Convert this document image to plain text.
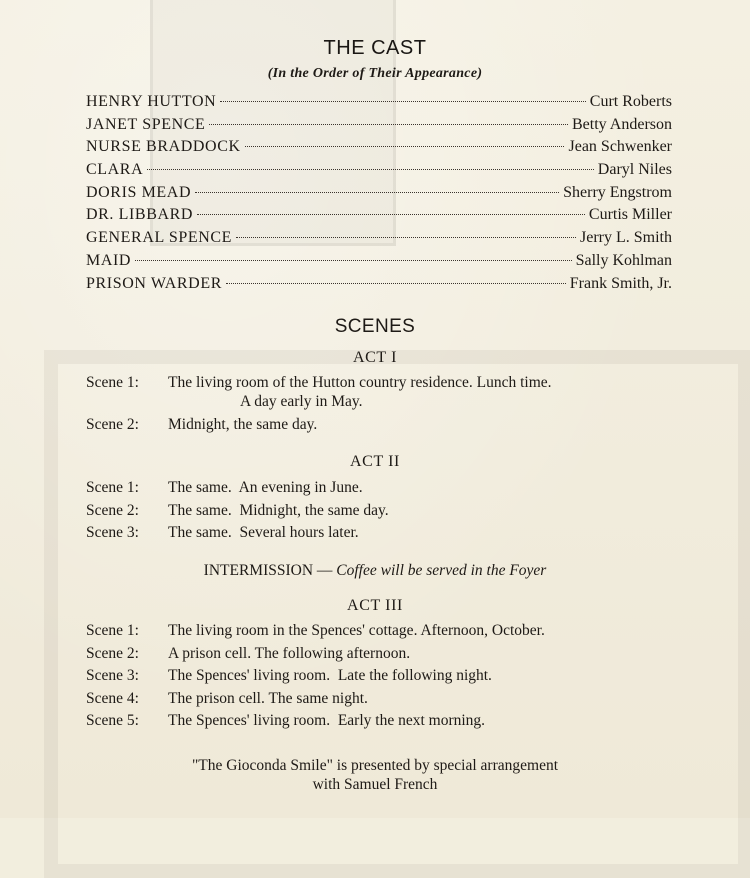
THE CAST
(In the Order of Their Appearance)
HENRY HUTTON	Curt Roberts
JANET SPENCE	Betty Anderson
NURSE BRADDOCK	Jean Schwenker
CLARA	Daryl Niles
DORIS MEAD	Sherry Engstrom
DR. LIBBARD	Curtis Miller
GENERAL SPENCE	Jerry L. Smith
MAID	Sally Kohlman
PRISON WARDER	Frank Smith, Jr.
SCENES
ACT I
Scene 1:	The living room of the Hutton country residence. Lunch time.
A day early in May.
Scene 2:	Midnight, the same day.
ACT II
Scene 1:	The same.  An evening in June.
Scene 2:	The same.  Midnight, the same day.
Scene 3:	The same.  Several hours later.
INTERMISSION — Coffee will be served in the Foyer
ACT III
Scene 1:	The living room in the Spences' cottage. Afternoon, October.
Scene 2:	A prison cell. The following afternoon.
Scene 3:	The Spences' living room.  Late the following night.
Scene 4:	The prison cell. The same night.
Scene 5:	The Spences' living room.  Early the next morning.
"The Gioconda Smile" is presented by special arrangement
with Samuel French
